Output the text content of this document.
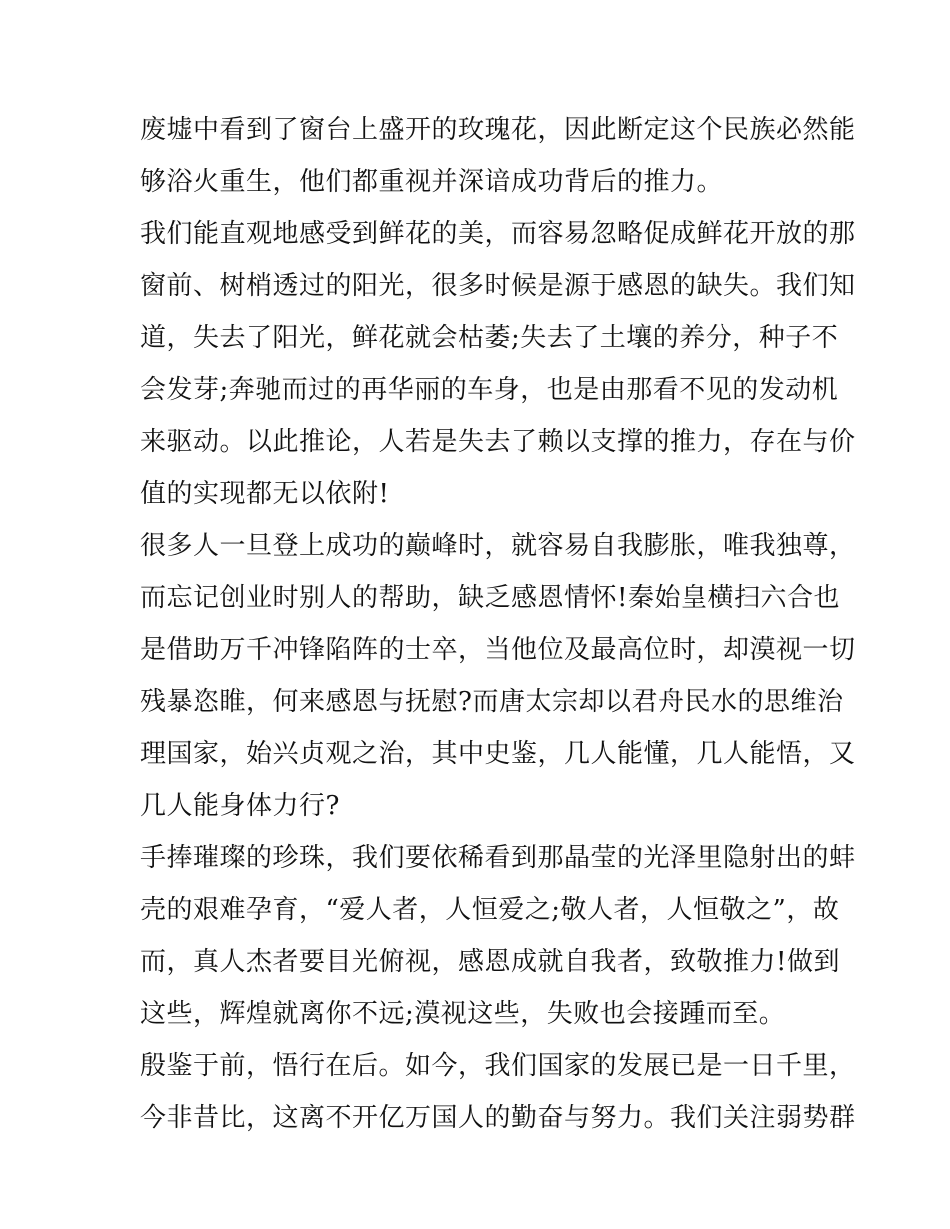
废墟中看到了窗台上盛开的玫瑰花，因此断定这个民族必然能
够浴火重生，他们都重视并深谙成功背后的推力。
我们能直观地感受到鲜花的美，而容易忽略促成鲜花开放的那
窗前、树梢透过的阳光，很多时候是源于感恩的缺失。我们知
道，失去了阳光，鲜花就会枯萎;失去了土壤的养分，种子不
会发芽;奔驰而过的再华丽的车身，也是由那看不见的发动机
来驱动。以此推论，人若是失去了赖以支撑的推力，存在与价
值的实现都无以依附!
很多人一旦登上成功的巅峰时，就容易自我膨胀，唯我独尊，
而忘记创业时别人的帮助，缺乏感恩情怀!秦始皇横扫六合也
是借助万千冲锋陷阵的士卒，当他位及最高位时，却漠视一切
残暴恣睢，何来感恩与抚慰?而唐太宗却以君舟民水的思维治
理国家，始兴贞观之治，其中史鉴，几人能懂，几人能悟，又
几人能身体力行?
手捧璀璨的珍珠，我们要依稀看到那晶莹的光泽里隐射出的蚌
壳的艰难孕育，“爱人者，人恒爱之;敬人者，人恒敬之”，故
而，真人杰者要目光俯视，感恩成就自我者，致敬推力!做到
这些，辉煌就离你不远;漠视这些，失败也会接踵而至。
殷鉴于前，悟行在后。如今，我们国家的发展已是一日千里，
今非昔比，这离不开亿万国人的勤奋与努力。我们关注弱势群
